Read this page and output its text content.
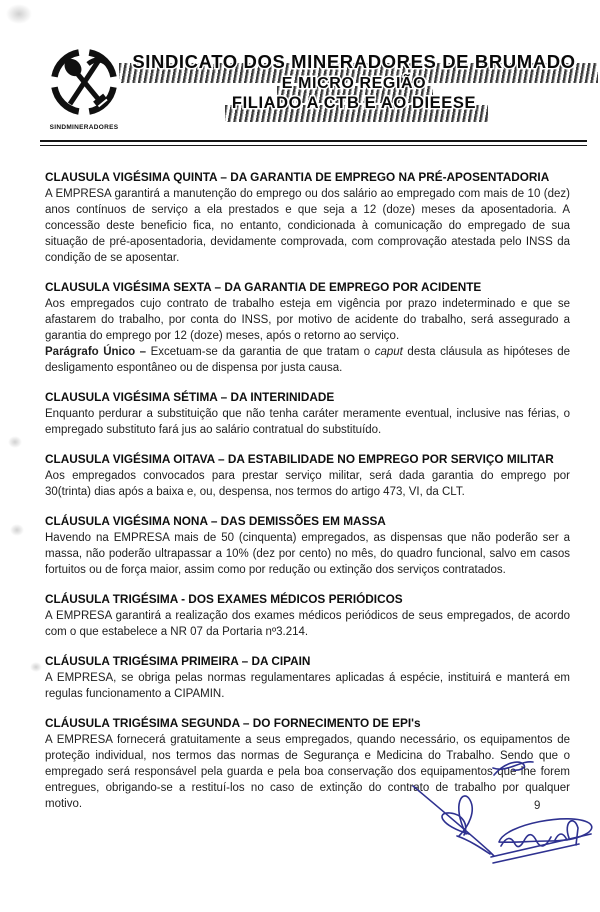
SINDMINERADORES
SINDICATO DOS MINERADORES DE BRUMADO
E MICRO REGIÃO
FILIADO A CTB E AO DIEESE
CLAUSULA VIGÉSIMA QUINTA – DA GARANTIA DE EMPREGO NA PRÉ-APOSENTADORIA

A EMPRESA garantirá a manutenção do emprego ou dos salário ao empregado com mais de 10 (dez) anos contínuos de serviço a ela prestados e que seja a 12 (doze) meses da aposentadoria. A concessão deste beneficio fica, no entanto, condicionada à comunicação do empregado de sua situação de pré-aposentadoria, devidamente comprovada, com comprovação atestada pelo INSS da condição de se aposentar.

CLAUSULA VIGÉSIMA SEXTA – DA GARANTIA DE EMPREGO POR ACIDENTE

Aos empregados cujo contrato de trabalho esteja em vigência por prazo indeterminado e que se afastarem do trabalho, por conta do INSS, por motivo de acidente do trabalho, será assegurado a garantia do emprego por 12 (doze) meses, após o retorno ao serviço.

Parágrafo Único – Excetuam-se da garantia de que tratam o caput desta cláusula as hipóteses de desligamento espontâneo ou de dispensa por justa causa.

CLAUSULA VIGÉSIMA SÉTIMA – DA INTERINIDADE

Enquanto perdurar a substituição que não tenha caráter meramente eventual, inclusive nas férias, o empregado substituto fará jus ao salário contratual do substituído.

CLAUSULA VIGÉSIMA OITAVA – DA ESTABILIDADE NO EMPREGO POR SERVIÇO MILITAR

Aos empregados convocados para prestar serviço militar, será dada garantia do emprego por 30(trinta) dias após a baixa e, ou, despensa, nos termos do artigo 473, VI, da CLT.

CLÁUSULA VIGÉSIMA NONA – DAS DEMISSÕES EM MASSA

Havendo na EMPRESA mais de 50 (cinquenta) empregados, as dispensas que não poderão ser a massa, não poderão ultrapassar a 10% (dez por cento) no mês, do quadro funcional, salvo em casos fortuitos ou de força maior, assim como por redução ou extinção dos serviços contratados.

CLÁUSULA TRIGÉSIMA - DOS EXAMES MÉDICOS PERIÓDICOS

A EMPRESA garantirá a realização dos exames médicos periódicos de seus empregados, de acordo com o que estabelece a NR 07 da Portaria nº3.214.

CLÁUSULA TRIGÉSIMA PRIMEIRA – DA CIPAIN

A EMPRESA, se obriga pelas normas regulamentares aplicadas á espécie, instituirá e manterá em regulas funcionamento a CIPAMIN.

CLÁUSULA TRIGÉSIMA SEGUNDA – DO FORNECIMENTO DE EPI's

A EMPRESA fornecerá gratuitamente a seus empregados, quando necessário, os equipamentos de proteção individual, nos termos das normas de Segurança e Medicina do Trabalho. Sendo que o empregado será responsável pela guarda e pela boa conservação dos equipamentos que lhe forem entregues, obrigando-se a restituí-los no caso de extinção do contrato de trabalho por qualquer motivo.	9
